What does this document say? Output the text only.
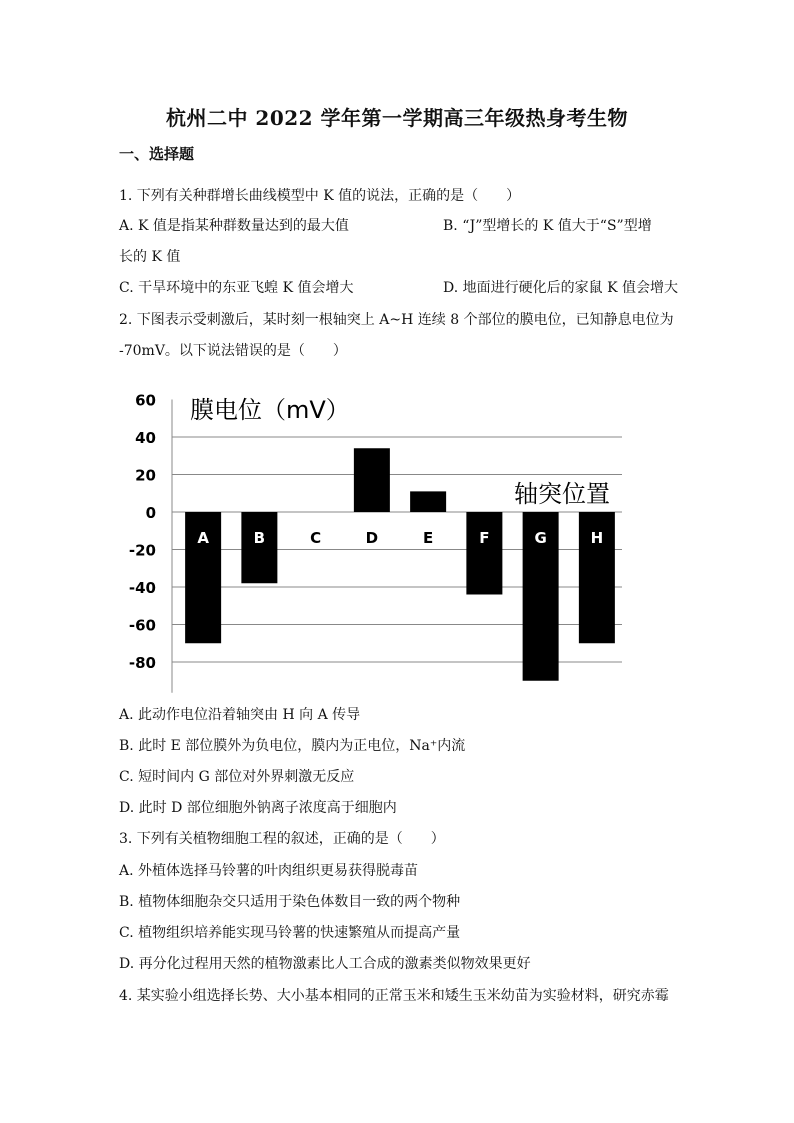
杭州二中 2022 学年第一学期高三年级热身考生物
一、选择题
1. 下列有关种群增长曲线模型中 K 值的说法，正确的是（　　）
A. K 值是指某种群数量达到的最大值	B. “J”型增长的 K 值大于“S”型增
长的 K 值
C. 干旱环境中的东亚飞蝗 K 值会增大	D. 地面进行硬化后的家鼠 K 值会增大
2. 下图表示受刺激后，某时刻一根轴突上 A~H 连续 8 个部位的膜电位，已知静息电位为
-70mV。以下说法错误的是（　　）
60
40
20
0
-20
-40
-60
-80
A	B	C	D	E	F	G	H
膜电位（mV）
轴突位置
A. 此动作电位沿着轴突由 H 向 A 传导
B. 此时 E 部位膜外为负电位，膜内为正电位，Na⁺内流
C. 短时间内 G 部位对外界刺激无反应
D. 此时 D 部位细胞外钠离子浓度高于细胞内
3. 下列有关植物细胞工程的叙述，正确的是（　　）
A. 外植体选择马铃薯的叶肉组织更易获得脱毒苗
B. 植物体细胞杂交只适用于染色体数目一致的两个物种
C. 植物组织培养能实现马铃薯的快速繁殖从而提高产量
D. 再分化过程用天然的植物激素比人工合成的激素类似物效果更好
4. 某实验小组选择长势、大小基本相同的正常玉米和矮生玉米幼苗为实验材料，研究赤霉
